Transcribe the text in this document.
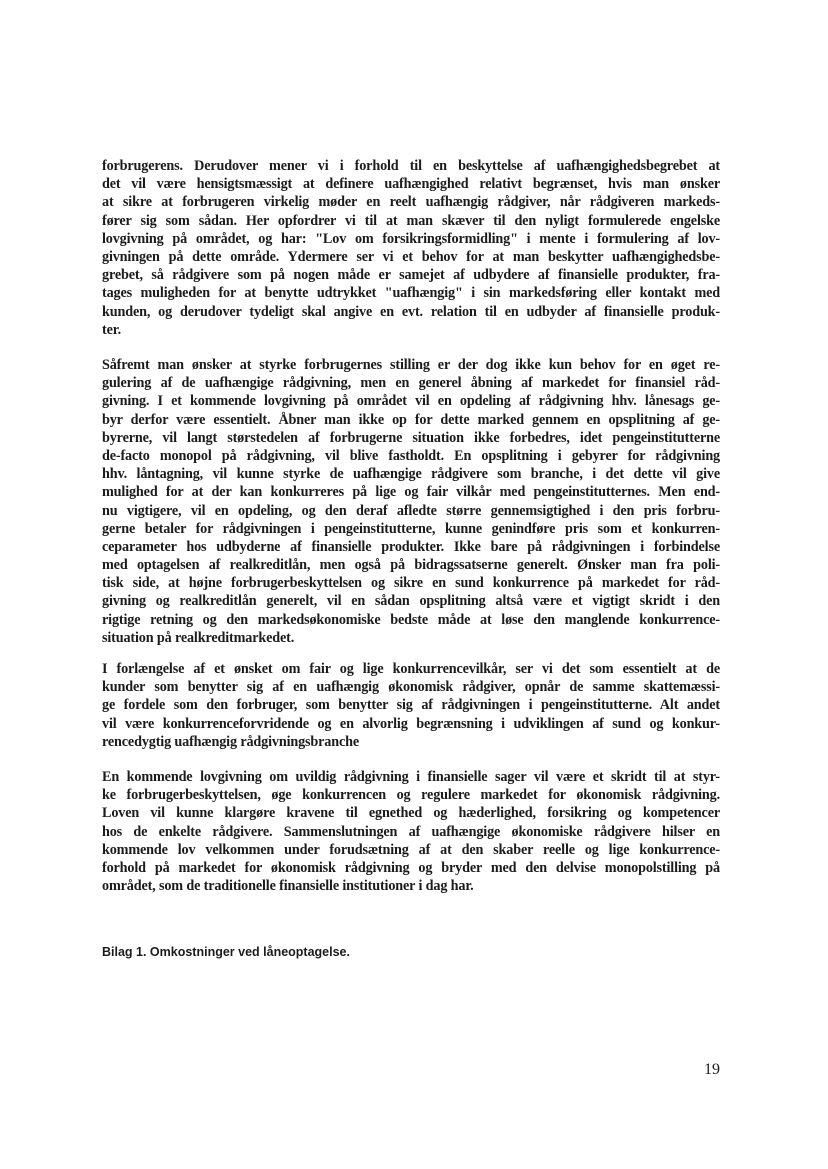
forbrugerens. Derudover mener vi i forhold til en beskyttelse af uafhængighedsbegrebet at
det vil være hensigtsmæssigt at definere uafhængighed relativt begrænset, hvis man ønsker
at sikre at forbrugeren virkelig møder en reelt uafhængig rådgiver, når rådgiveren markeds-
fører sig som sådan. Her opfordrer vi til at man skæver til den nyligt formulerede engelske
lovgivning på området, og har: "Lov om forsikringsformidling" i mente i formulering af lov-
givningen på dette område. Ydermere ser vi et behov for at man beskytter uafhængighedsbe-
grebet, så rådgivere som på nogen måde er samejet af udbydere af finansielle produkter, fra-
tages muligheden for at benytte udtrykket "uafhængig" i sin markedsføring eller kontakt med
kunden, og derudover tydeligt skal angive en evt. relation til en udbyder af finansielle produk-
ter.
Såfremt man ønsker at styrke forbrugernes stilling er der dog ikke kun behov for en øget re-
gulering af de uafhængige rådgivning, men en generel åbning af markedet for finansiel råd-
givning. I et kommende lovgivning på området vil en opdeling af rådgivning hhv. lånesags ge-
byr derfor være essentielt. Åbner man ikke op for dette marked gennem en opsplitning af ge-
byrerne, vil langt størstedelen af forbrugerne situation ikke forbedres, idet pengeinstitutterne
de-facto monopol på rådgivning, vil blive fastholdt. En opsplitning i gebyrer for rådgivning
hhv. låntagning, vil kunne styrke de uafhængige rådgivere som branche, i det dette vil give
mulighed for at der kan konkurreres på lige og fair vilkår med pengeinstitutternes. Men end-
nu vigtigere, vil en opdeling, og den deraf afledte større gennemsigtighed i den pris forbru-
gerne betaler for rådgivningen i pengeinstitutterne, kunne genindføre pris som et konkurren-
ceparameter hos udbyderne af finansielle produkter. Ikke bare på rådgivningen i forbindelse
med optagelsen af realkreditlån, men også på bidragssatserne generelt. Ønsker man fra poli-
tisk side, at højne forbrugerbeskyttelsen og sikre en sund konkurrence på markedet for råd-
givning og realkreditlån generelt, vil en sådan opsplitning altså være et vigtigt skridt i den
rigtige retning og den markedsøkonomiske bedste måde at løse den manglende konkurrence-
situation på realkreditmarkedet.
I forlængelse af et ønsket om fair og lige konkurrencevilkår, ser vi det som essentielt at de
kunder som benytter sig af en uafhængig økonomisk rådgiver, opnår de samme skattemæssi-
ge fordele som den forbruger, som benytter sig af rådgivningen i pengeinstitutterne. Alt andet
vil være konkurrenceforvridende og en alvorlig begrænsning i udviklingen af sund og konkur-
rencedygtig uafhængig rådgivningsbranche
En kommende lovgivning om uvildig rådgivning i finansielle sager vil være et skridt til at styr-
ke forbrugerbeskyttelsen, øge konkurrencen og regulere markedet for økonomisk rådgivning.
Loven vil kunne klargøre kravene til egnethed og hæderlighed, forsikring og kompetencer
hos de enkelte rådgivere. Sammenslutningen af uafhængige økonomiske rådgivere hilser en
kommende lov velkommen under forudsætning af at den skaber reelle og lige konkurrence-
forhold på markedet for økonomisk rådgivning og bryder med den delvise monopolstilling på
området, som de traditionelle finansielle institutioner i dag har.
Bilag 1. Omkostninger ved låneoptagelse.
19
